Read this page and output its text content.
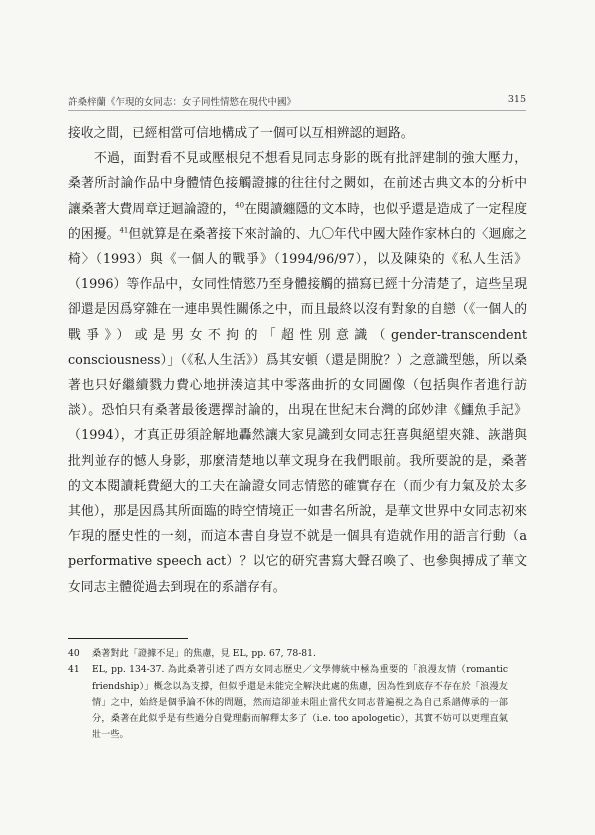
許桑梓蘭《乍現的女同志：女子同性情慾在現代中國》	315

接收之間，已經相當可信地構成了一個可以互相辨認的迴路。

不過，面對看不見或壓根兒不想看見同志身影的既有批評建制的強大壓力，桑著所討論作品中身體情色接觸證據的往往付之闕如，在前述古典文本的分析中讓桑著大費周章迂迴論證的，$^{40}$在閱讀纏隱的文本時，也似乎還是造成了一定程度的困擾。$^{41}$但就算是在桑著接下來討論的、九〇年代中國大陸作家林白的〈迴廊之椅〉（1993）與《一個人的戰爭》（1994/96/97），以及陳染的《私人生活》（1996）等作品中，女同性情慾乃至身體接觸的描寫已經十分清楚了，這些呈現卻還是因爲穿雜在一連串異性關係之中，而且最終以沒有對象的自戀（《一個人的戰爭》）或是男女不拘的「超性別意識（gender-transcendent consciousness）」（《私人生活》）爲其安頓（還是開脫？）之意識型態，所以桑著也只好繼續戮力費心地拼湊這其中零落曲折的女同圖像（包括與作者進行訪談）。恐怕只有桑著最後選擇討論的，出現在世紀末台灣的邱妙津《鱷魚手記》（1994），才真正毋須詮解地轟然讓大家見識到女同志狂喜與絕望夾雜、詼諧與批判並存的憾人身影，那麼清楚地以華文現身在我們眼前。我所要說的是，桑著的文本閱讀耗費絕大的工夫在論證女同志情慾的確實存在（而少有力氣及於太多其他），那是因爲其所面臨的時空情境正一如書名所說，是華文世界中女同志初來乍現的歷史性的一刻，而這本書自身豈不就是一個具有造就作用的語言行動（a performative speech act）？以它的研究書寫大聲召喚了、也參與搏成了華文女同志主體從過去到現在的系譜存有。

40	桑著對此「證據不足」的焦慮，見 EL, pp. 67, 78-81.
41	EL, pp. 134-37. 為此桑著引述了西方女同志歷史／文學傳統中極為重要的「浪漫友情（romantic friendship）」概念以為支撐，但似乎還是未能完全解決此處的焦慮，因為性到底存不存在於「浪漫友情」之中，始終是個爭論不休的問題，然而這卻並未阻止當代女同志普遍視之為自己系譜傳承的一部分，桑著在此似乎是有些過分自覺理虧而解釋太多了（i.e. too apologetic），其實不妨可以更理直氣壯一些。
